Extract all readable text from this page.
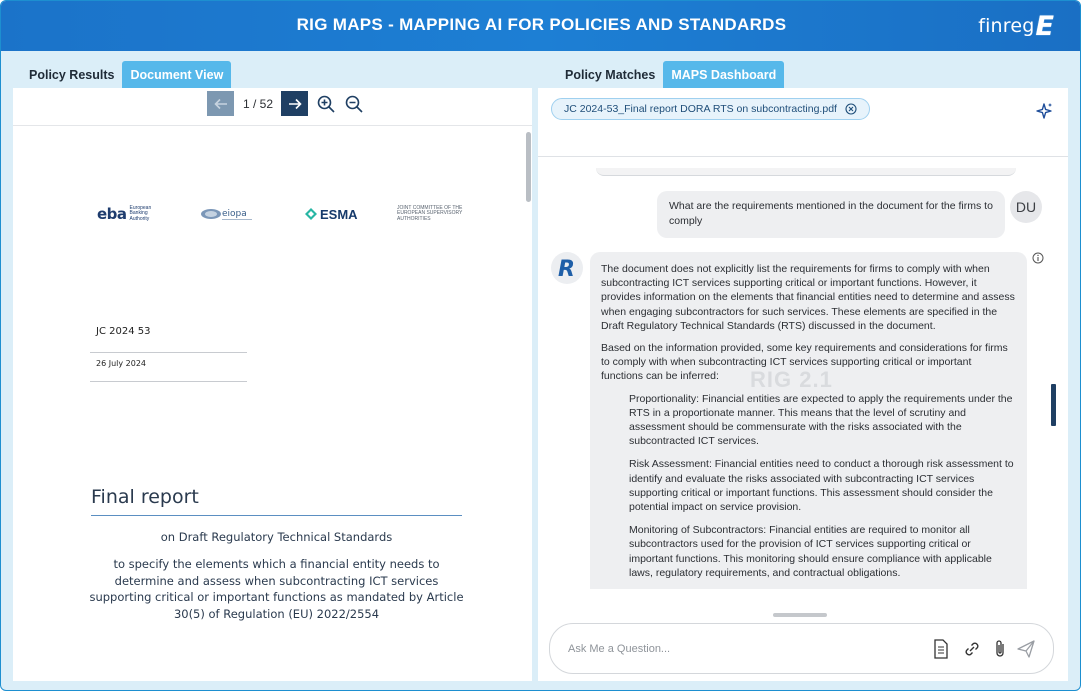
RIG MAPS - MAPPING AI FOR POLICIES AND STANDARDS	finreg E
Policy Results	Document View
1 / 52
eba European
Banking
Authority	eiopa	ESMA	JOINT COMMITTEE OF THE EUROPEAN SUPERVISORY AUTHORITIES
JC 2024 53
26 July 2024
Final report
on Draft Regulatory Technical Standards
to specify the elements which a financial entity needs to determine and assess when subcontracting ICT services supporting critical or important functions as mandated by Article 30(5) of Regulation (EU) 2022/2554
Policy Matches	MAPS Dashboard
JC 2024-53_Final report DORA RTS on subcontracting.pdf
What are the requirements mentioned in the document for the firms to comply
DU
R
RIG 2.1

The document does not explicitly list the requirements for firms to comply with when subcontracting ICT services supporting critical or important functions. However, it provides information on the elements that financial entities need to determine and assess when engaging subcontractors for such services. These elements are specified in the Draft Regulatory Technical Standards (RTS) discussed in the document.

Based on the information provided, some key requirements and considerations for firms to comply with when subcontracting ICT services supporting critical or important functions can be inferred:

Proportionality: Financial entities are expected to apply the requirements under the RTS in a proportionate manner. This means that the level of scrutiny and assessment should be commensurate with the risks associated with the subcontracted ICT services.

Risk Assessment: Financial entities need to conduct a thorough risk assessment to identify and evaluate the risks associated with subcontracting ICT services supporting critical or important functions. This assessment should consider the potential impact on service provision.

Monitoring of Subcontractors: Financial entities are required to monitor all subcontractors used for the provision of ICT services supporting critical or important functions. This monitoring should ensure compliance with applicable laws, regulatory requirements, and contractual obligations.

Ask Me a Question...
